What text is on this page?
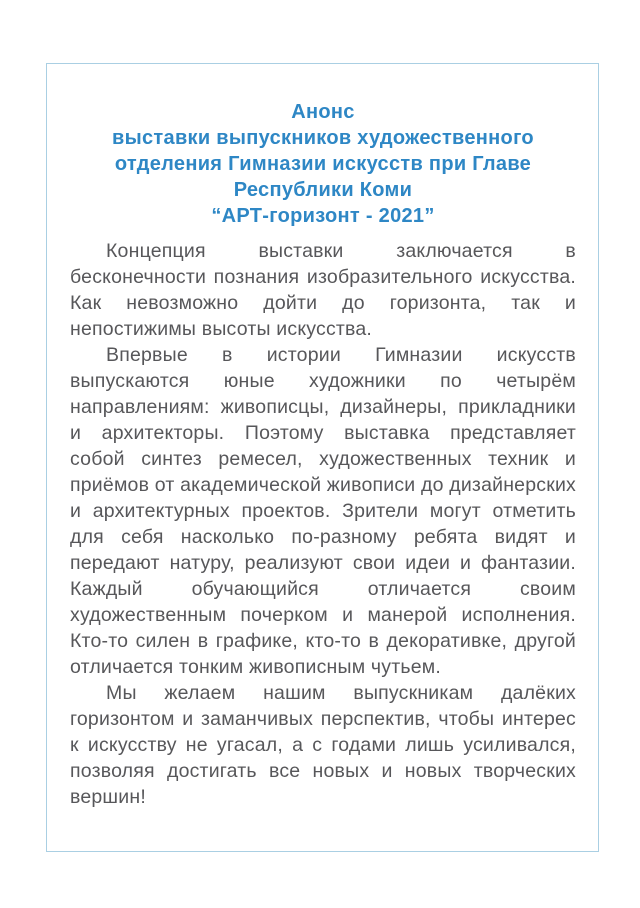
Анонс
выставки выпускников художественного
отделения Гимназии искусств при Главе
Республики Коми
“АРТ-горизонт - 2021”

Концепция выставки заключается в бесконечности познания изобразительного искусства. Как невозможно дойти до горизонта, так и непостижимы высоты искусства.

Впервые в истории Гимназии искусств выпускаются юные художники по четырём направлениям: живописцы, дизайнеры, прикладники и архитекторы. Поэтому выставка представляет собой синтез ремесел, художественных техник и приёмов от академической живописи до дизайнерских и архитектурных проектов. Зрители могут отметить для себя насколько по-разному ребята видят и передают натуру, реализуют свои идеи и фантазии. Каждый обучающийся отличается своим художественным почерком и манерой исполнения. Кто-то силен в графике, кто-то в декоративке, другой отличается тонким живописным чутьем.

Мы желаем нашим выпускникам далёких горизонтом и заманчивых перспектив, чтобы интерес к искусству не угасал, а с годами лишь усиливался, позволяя достигать все новых и новых творческих вершин!
